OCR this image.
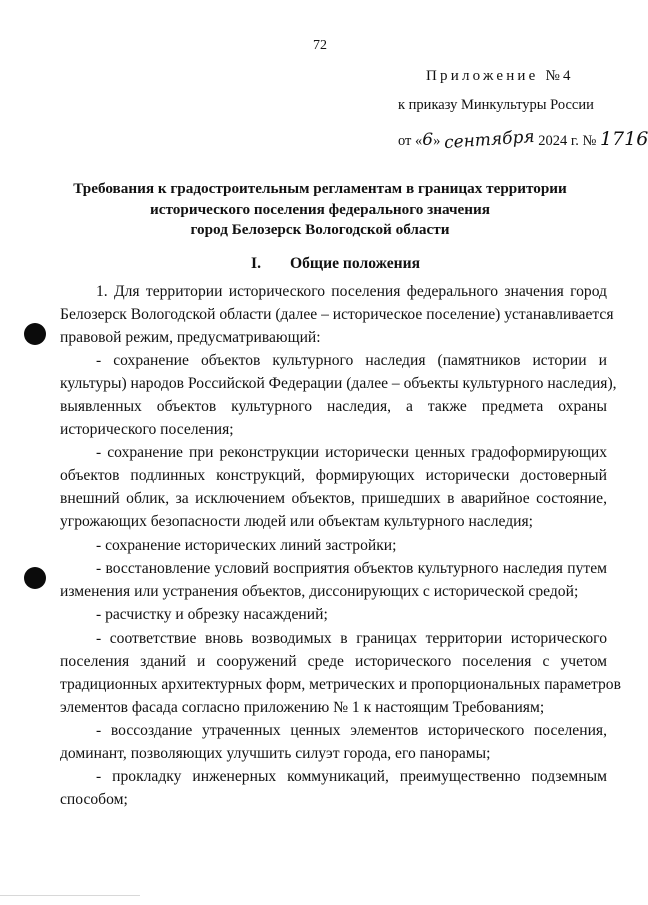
72
Приложение №4
к приказу Минкультуры России
от «6» сентября 2024 г. № 1716
Требования к градостроительным регламентам в границах территории
исторического поселения федерального значения
город Белозерск Вологодской области
I. Общие положения
1. Для территории исторического поселения федерального значения город
Белозерск Вологодской области (далее – историческое поселение) устанавливается
правовой режим, предусматривающий:
- сохранение объектов культурного наследия (памятников истории и
культуры) народов Российской Федерации (далее – объекты культурного наследия),
выявленных объектов культурного наследия, а также предмета охраны
исторического поселения;
- сохранение при реконструкции исторически ценных градоформирующих
объектов подлинных конструкций, формирующих исторически достоверный
внешний облик, за исключением объектов, пришедших в аварийное состояние,
угрожающих безопасности людей или объектам культурного наследия;
- сохранение исторических линий застройки;
- восстановление условий восприятия объектов культурного наследия путем
изменения или устранения объектов, диссонирующих с исторической средой;
- расчистку и обрезку насаждений;
- соответствие вновь возводимых в границах территории исторического
поселения зданий и сооружений среде исторического поселения с учетом
традиционных архитектурных форм, метрических и пропорциональных параметров
элементов фасада согласно приложению № 1 к настоящим Требованиям;
- воссоздание утраченных ценных элементов исторического поселения,
доминант, позволяющих улучшить силуэт города, его панорамы;
- прокладку инженерных коммуникаций, преимущественно подземным
способом;
